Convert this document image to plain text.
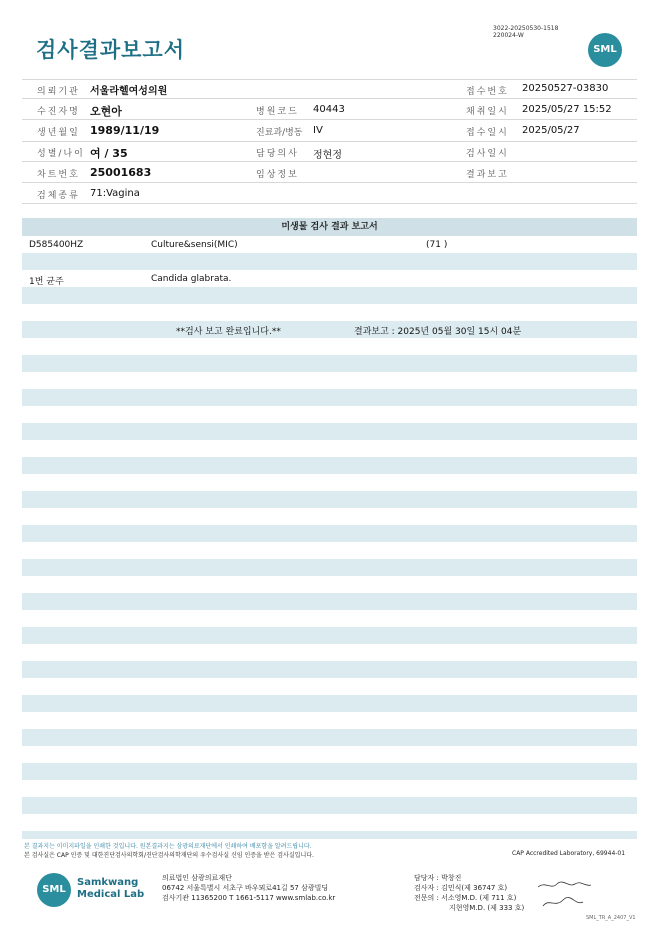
검사결과보고서
3022-20250530-1518
220024-W
SML
의뢰기관 서울라헬여성의원	접수번호 20250527-03830
수진자명 오현아	병원코드 40443	채취일시 2025/05/27 15:52
생년월일 1989/11/19	진료과/병동 IV	접수일시 2025/05/27
성별/나이 여 / 35	담당의사 정현정	검사일시
차트번호 25001683	임상정보	결과보고
검체종류 71:Vagina
미생물 검사 결과 보고서
D585400HZ	Culture&sensi(MIC)	(71 )
1번 균주	Candida glabrata.
**검사 보고 완료입니다.**	결과보고 : 2025년 05월 30일 15시 04분
본 결과지는 이미지파일을 인쇄한 것입니다. 원본결과지는 삼광의료재단에서 인쇄하여 배포함을 알려드립니다.
본 검사실은 CAP 인증 및 대한진단검사의학회/진단검사의학재단의 우수검사실 신임 인증을 받은 검사실입니다.	CAP Accredited Laboratory, 69944-01
SML
Samkwang
Medical Lab
의료법인 삼광의료재단
06742 서울특별시 서초구 바우뫼로41길 57 삼광빌딩
검사기관 11365200 T 1661-5117 www.smlab.co.kr
담당자 : 박창진
검사자 : 김민식(제 36747 호)
전문의 : 서소영M.D. (제 711 호)
지현영M.D. (제 333 호)
SML_TR_A_2407_V1
